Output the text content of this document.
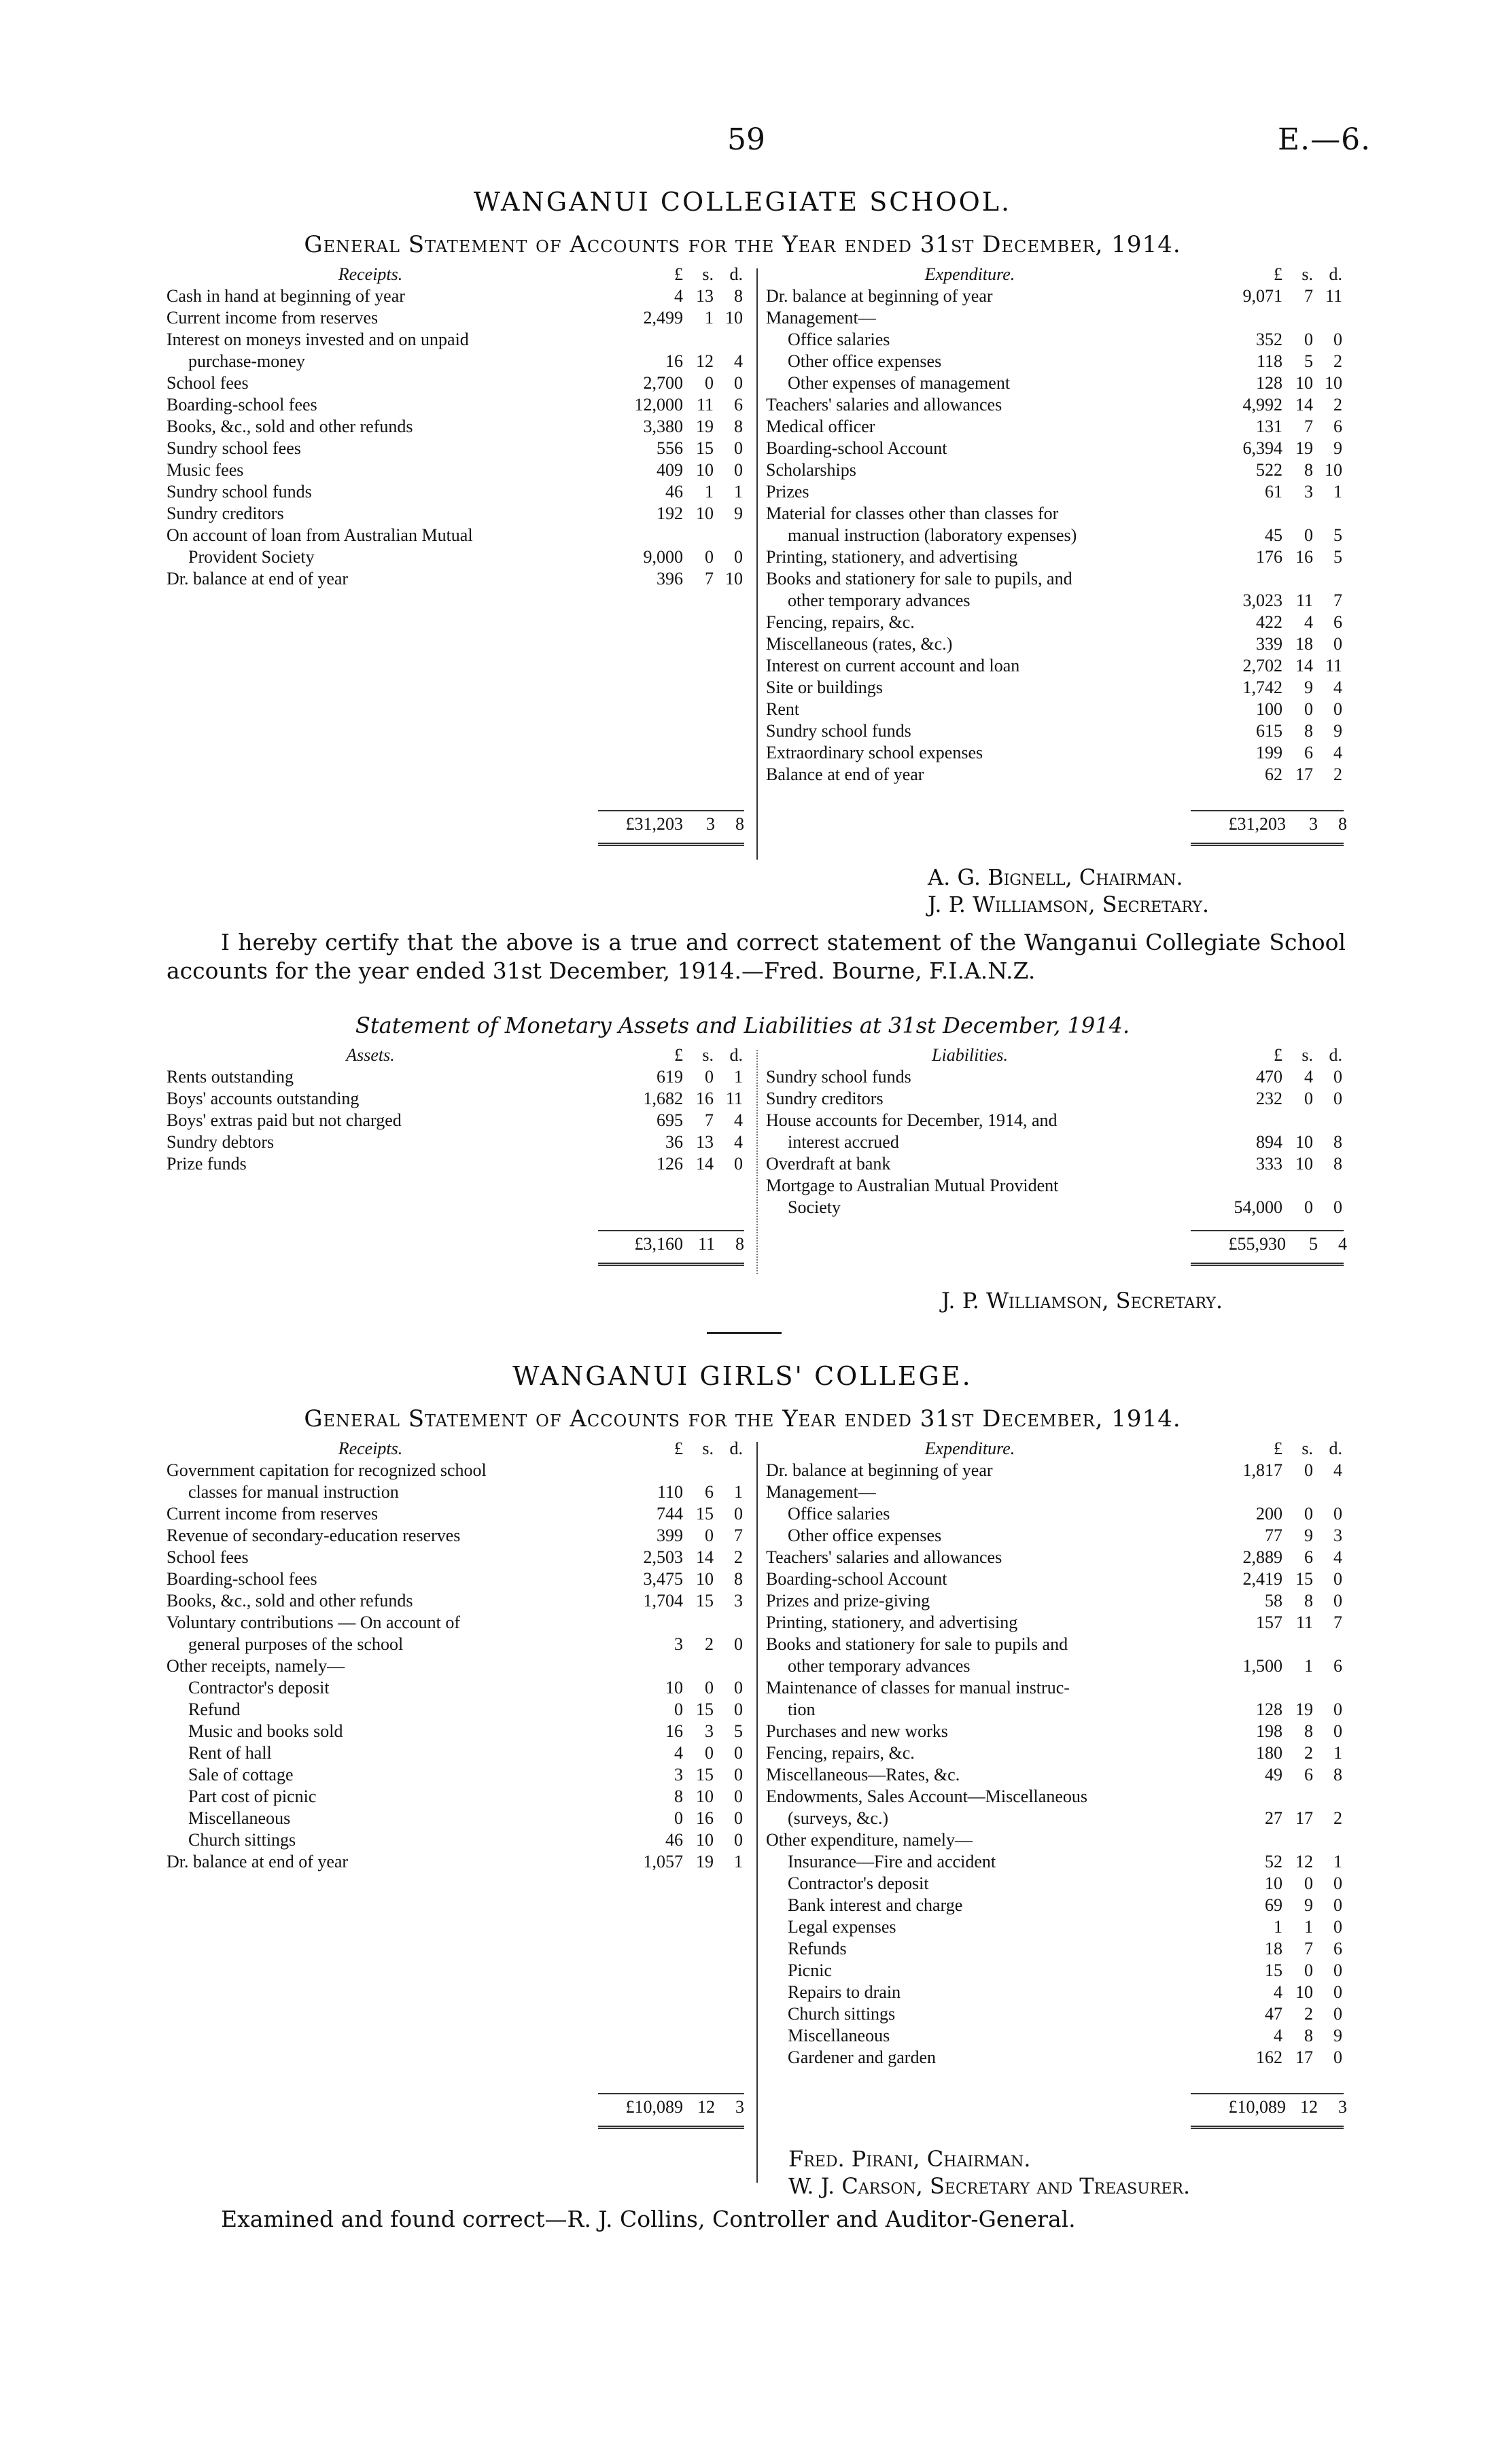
59	E.—6.
WANGANUI COLLEGIATE SCHOOL.
General Statement of Accounts for the Year ended 31st December, 1914.
Receipts.	£	s. d.
Cash in hand at beginning of year	4 13	8
Current income from reserves	2,499	1 10
Interest on moneys invested and on unpaid
purchase-money	16 12	4
School fees	2,700	0	0
Boarding-school fees	12,000 11	6
Books, &c., sold and other refunds	3,380 19	8
Sundry school fees	556 15	0
Music fees	409 10	0
Sundry school funds	46	1	1
Sundry creditors	192 10	9
On account of loan from Australian Mutual
Provident Society	9,000	0	0
Dr. balance at end of year	396	7 10
Expenditure.	£	s. d.
Dr. balance at beginning of year	9,071	7 11
Management—
Office salaries	352	0	0
Other office expenses	118	5	2
Other expenses of management	128 10 10
Teachers' salaries and allowances	4,992 14	2
Medical officer	131	7	6
Boarding-school Account	6,394 19	9
Scholarships	522	8 10
Prizes	61	3	1
Material for classes other than classes for
manual instruction (laboratory expenses)	45	0	5
Printing, stationery, and advertising	176 16	5
Books and stationery for sale to pupils, and
other temporary advances	3,023 11	7
Fencing, repairs, &c.	422	4	6
Miscellaneous (rates, &c.)	339 18	0
Interest on current account and loan	2,702 14 11
Site or buildings	1,742	9	4
Rent	100	0	0
Sundry school funds	615	8	9
Extraordinary school expenses	199	6	4
Balance at end of year	62 17	2
£31,203	3	8	£31,203	3	8
A. G. Bignell, Chairman.
J. P. Williamson, Secretary.
I hereby certify that the above is a true and correct statement of the Wanganui Collegiate School accounts for the year ended 31st December, 1914.—Fred. Bourne, F.I.A.N.Z.
Statement of Monetary Assets and Liabilities at 31st December, 1914.
Assets.	£	s. d.
Rents outstanding	619	0	1
Boys' accounts outstanding	1,682 16 11
Boys' extras paid but not charged	695	7	4
Sundry debtors	36 13	4
Prize funds	126 14	0
Liabilities.	£	s. d.
Sundry school funds	470	4	0
Sundry creditors	232	0	0
House accounts for December, 1914, and
interest accrued	894 10	8
Overdraft at bank	333 10	8
Mortgage to Australian Mutual Provident
Society	54,000	0	0
£3,160 11	8	£55,930	5	4
J. P. Williamson, Secretary.
WANGANUI GIRLS' COLLEGE.
General Statement of Accounts for the Year ended 31st December, 1914.
Receipts.	£	s. d.
Government capitation for recognized school
classes for manual instruction	110	6	1
Current income from reserves	744 15	0
Revenue of secondary-education reserves	399	0	7
School fees	2,503 14	2
Boarding-school fees	3,475 10	8
Books, &c., sold and other refunds	1,704 15	3
Voluntary contributions — On account of
general purposes of the school	3	2	0
Other receipts, namely—
Contractor's deposit	10	0	0
Refund	0 15	0
Music and books sold	16	3	5
Rent of hall	4	0	0
Sale of cottage	3 15	0
Part cost of picnic	8 10	0
Miscellaneous	0 16	0
Church sittings	46 10	0
Dr. balance at end of year	1,057 19	1
Expenditure.	£	s. d.
Dr. balance at beginning of year	1,817	0	4
Management—
Office salaries	200	0	0
Other office expenses	77	9	3
Teachers' salaries and allowances	2,889	6	4
Boarding-school Account	2,419 15	0
Prizes and prize-giving	58	8	0
Printing, stationery, and advertising	157 11	7
Books and stationery for sale to pupils and
other temporary advances	1,500	1	6
Maintenance of classes for manual instruc-
tion	128 19	0
Purchases and new works	198	8	0
Fencing, repairs, &c.	180	2	1
Miscellaneous—Rates, &c.	49	6	8
Endowments, Sales Account—Miscellaneous
(surveys, &c.)	27 17	2
Other expenditure, namely—
Insurance—Fire and accident	52 12	1
Contractor's deposit	10	0	0
Bank interest and charge	69	9	0
Legal expenses	1	1	0
Refunds	18	7	6
Picnic	15	0	0
Repairs to drain	4 10	0
Church sittings	47	2	0
Miscellaneous	4	8	9
Gardener and garden	162 17	0
£10,089 12	3	£10,089 12	3
Fred. Pirani, Chairman.
W. J. Carson, Secretary and Treasurer.
Examined and found correct—R. J. Collins, Controller and Auditor-General.
